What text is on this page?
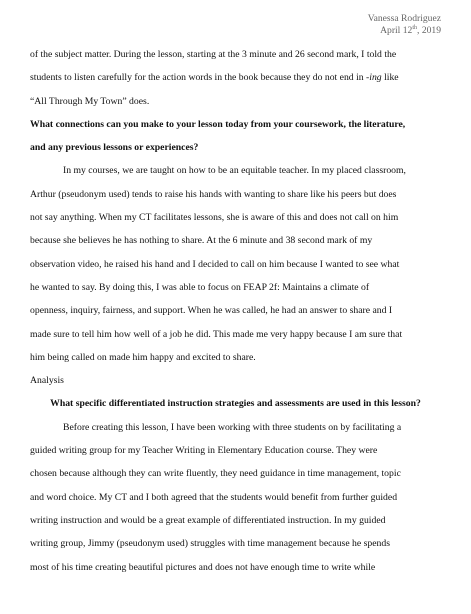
Vanessa Rodriguez
April 12th, 2019

of the subject matter. During the lesson, starting at the 3 minute and 26 second mark, I told the
students to listen carefully for the action words in the book because they do not end in -ing like
“All Through My Town” does.

What connections can you make to your lesson today from your coursework, the literature,
and any previous lessons or experiences?

In my courses, we are taught on how to be an equitable teacher. In my placed classroom,
Arthur (pseudonym used) tends to raise his hands with wanting to share like his peers but does
not say anything. When my CT facilitates lessons, she is aware of this and does not call on him
because she believes he has nothing to share. At the 6 minute and 38 second mark of my
observation video, he raised his hand and I decided to call on him because I wanted to see what
he wanted to say. By doing this, I was able to focus on FEAP 2f: Maintains a climate of
openness, inquiry, fairness, and support. When he was called, he had an answer to share and I
made sure to tell him how well of a job he did. This made me very happy because I am sure that
him being called on made him happy and excited to share.

Analysis

What specific differentiated instruction strategies and assessments are used in this lesson?

Before creating this lesson, I have been working with three students on by facilitating a
guided writing group for my Teacher Writing in Elementary Education course. They were
chosen because although they can write fluently, they need guidance in time management, topic
and word choice. My CT and I both agreed that the students would benefit from further guided
writing instruction and would be a great example of differentiated instruction. In my guided
writing group, Jimmy (pseudonym used) struggles with time management because he spends
most of his time creating beautiful pictures and does not have enough time to write while
